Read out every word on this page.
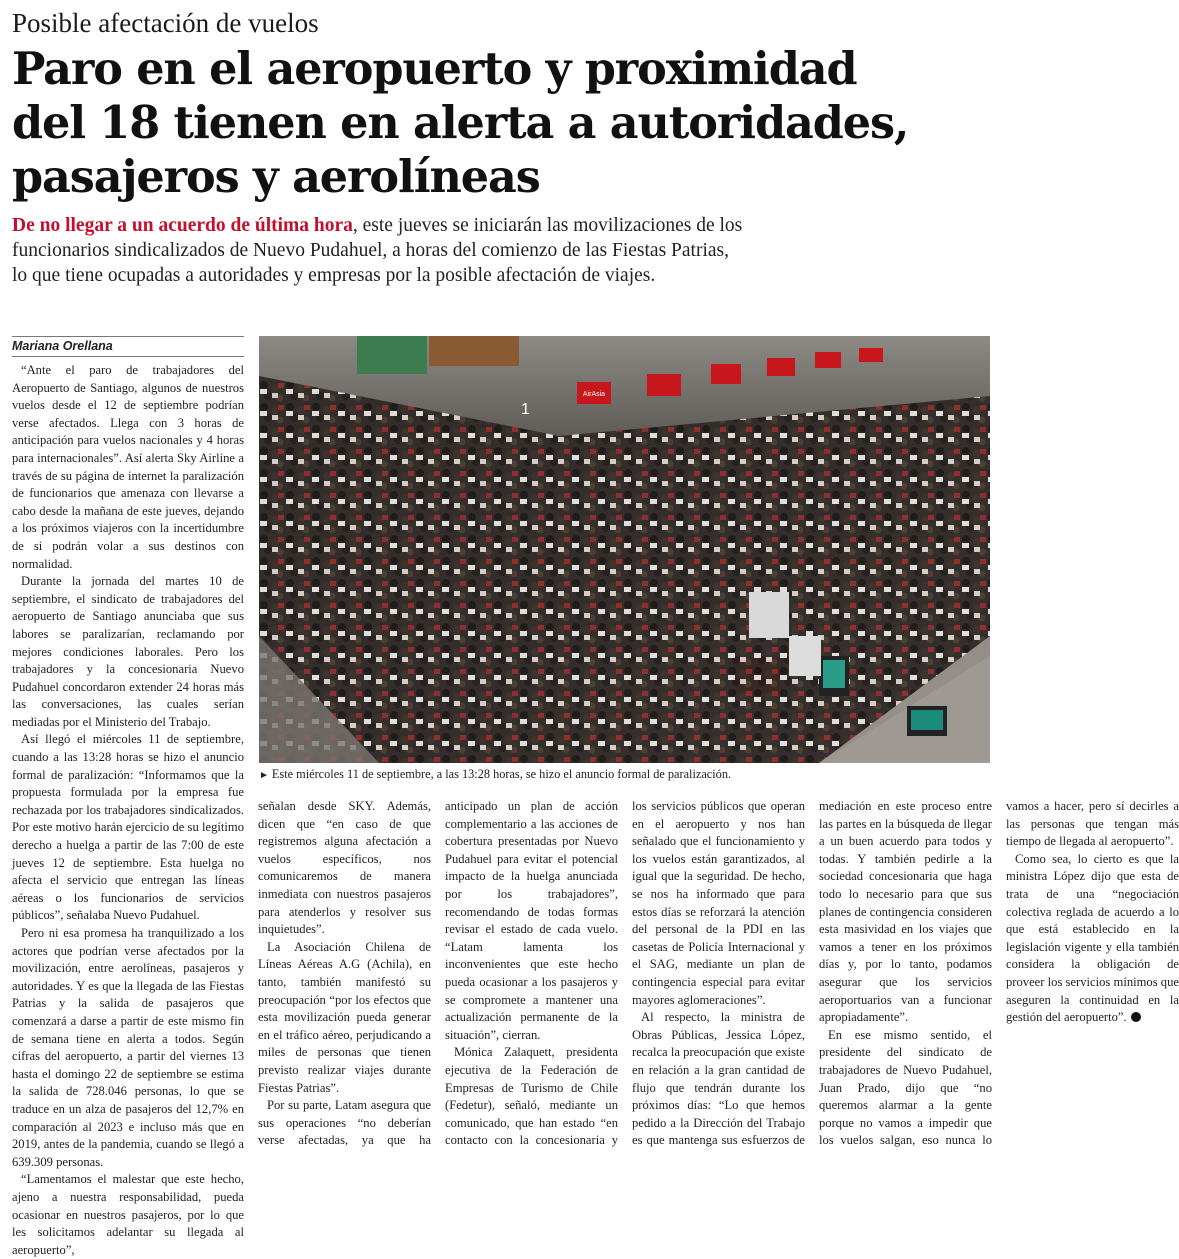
Posible afectación de vuelos
Paro en el aeropuerto y proximidad
del 18 tienen en alerta a autoridades,
pasajeros y aerolíneas
De no llegar a un acuerdo de última hora, este jueves se iniciarán las movilizaciones de los
funcionarios sindicalizados de Nuevo Pudahuel, a horas del comienzo de las Fiestas Patrias,
lo que tiene ocupadas a autoridades y empresas por la posible afectación de viajes.
Mariana Orellana

“Ante el paro de trabajadores del Aeropuerto de Santiago, algunos de nuestros vuelos desde el 12 de septiembre podrían verse afectados. Llega con 3 horas de anticipación para vuelos nacionales y 4 horas para internacionales”. Así alerta Sky Airline a través de su página de internet la paralización de funcionarios que amenaza con llevarse a cabo desde la mañana de este jueves, dejando a los próximos viajeros con la incertidumbre de si podrán volar a sus destinos con normalidad.

Durante la jornada del martes 10 de septiembre, el sindicato de trabajadores del aeropuerto de Santiago anunciaba que sus labores se paralizarían, reclamando por mejores condiciones laborales. Pero los trabajadores y la concesionaria Nuevo Pudahuel concordaron extender 24 horas más las conversaciones, las cuales serían mediadas por el Ministerio del Trabajo.

Así llegó el miércoles 11 de septiembre, cuando a las 13:28 horas se hizo el anuncio formal de paralización: “Informamos que la propuesta formulada por la empresa fue rechazada por los trabajadores sindicalizados. Por este motivo harán ejercicio de su legítimo derecho a huelga a partir de las 7:00 de este jueves 12 de septiembre. Esta huelga no afecta el servicio que entregan las líneas aéreas o los funcionarios de servicios públicos”, señalaba Nuevo Pudahuel.

Pero ni esa promesa ha tranquilizado a los actores que podrían verse afectados por la movilización, entre aerolíneas, pasajeros y autoridades. Y es que la llegada de las Fiestas Patrias y la salida de pasajeros que comenzará a darse a partir de este mismo fin de semana tiene en alerta a todos. Según cifras del aeropuerto, a partir del viernes 13 hasta el domingo 22 de septiembre se estima la salida de 728.046 personas, lo que se traduce en un alza de pasajeros del 12,7% en comparación al 2023 e incluso más que en 2019, antes de la pandemia, cuando se llegó a 639.309 personas.

“Lamentamos el malestar que este hecho, ajeno a nuestra responsabilidad, pueda ocasionar en nuestros pasajeros, por lo que les solicitamos adelantar su llegada al aeropuerto”,

AirAsia
1
► Este miércoles 11 de septiembre, a las 13:28 horas, se hizo el anuncio formal de paralización.

señalan desde SKY. Además, dicen que “en caso de que registremos alguna afectación a vuelos específicos, nos comunicaremos de manera inmediata con nuestros pasajeros para atenderlos y resolver sus inquietudes”.

La Asociación Chilena de Líneas Aéreas A.G (Achila), en tanto, también manifestó su preocupación “por los efectos que esta movilización pueda generar en el tráfico aéreo, perjudicando a miles de personas que tienen previsto realizar viajes durante Fiestas Patrias”.

Por su parte, Latam asegura que sus operaciones “no deberían verse afectadas, ya que ha anticipado un plan de acción complementario a las acciones de cobertura presentadas por Nuevo Pudahuel para evitar el potencial impacto de la huelga anunciada por los trabajadores”, recomendando de todas formas revisar el estado de cada vuelo. “Latam lamenta los inconvenientes que este hecho pueda ocasionar a los pasajeros y se compromete a mantener una actualización permanente de la situación”, cierran.

Mónica Zalaquett, presidenta ejecutiva de la Federación de Empresas de Turismo de Chile (Fedetur), señaló, mediante un comunicado, que han estado “en contacto con la concesionaria y los servicios públicos que operan en el aeropuerto y nos han señalado que el funcionamiento y los vuelos están garantizados, al igual que la seguridad. De hecho, se nos ha informado que para estos días se reforzará la atención del personal de la PDI en las casetas de Policía Internacional y el SAG, mediante un plan de contingencia especial para evitar mayores aglomeraciones”.

Al respecto, la ministra de Obras Públicas, Jessica López, recalca la preocupación que existe en relación a la gran cantidad de flujo que tendrán durante los próximos días: “Lo que hemos pedido a la Dirección del Trabajo es que mantenga sus esfuerzos de mediación en este proceso entre las partes en la búsqueda de llegar a un buen acuerdo para todos y todas. Y también pedirle a la sociedad concesionaria que haga todo lo necesario para que sus planes de contingencia consideren esta masividad en los viajes que vamos a tener en los próximos días y, por lo tanto, podamos asegurar que los servicios aeroportuarios van a funcionar apropiadamente”.

En ese mismo sentido, el presidente del sindicato de trabajadores de Nuevo Pudahuel, Juan Prado, dijo que “no queremos alarmar a la gente porque no vamos a impedir que los vuelos salgan, eso nunca lo vamos a hacer, pero sí decirles a las personas que tengan más tiempo de llegada al aeropuerto”.

Como sea, lo cierto es que la ministra López dijo que esta de trata de una “negociación colectiva reglada de acuerdo a lo que está establecido en la legislación vigente y ella también considera la obligación de proveer los servicios mínimos que aseguren la continuidad en la gestión del aeropuerto”.
